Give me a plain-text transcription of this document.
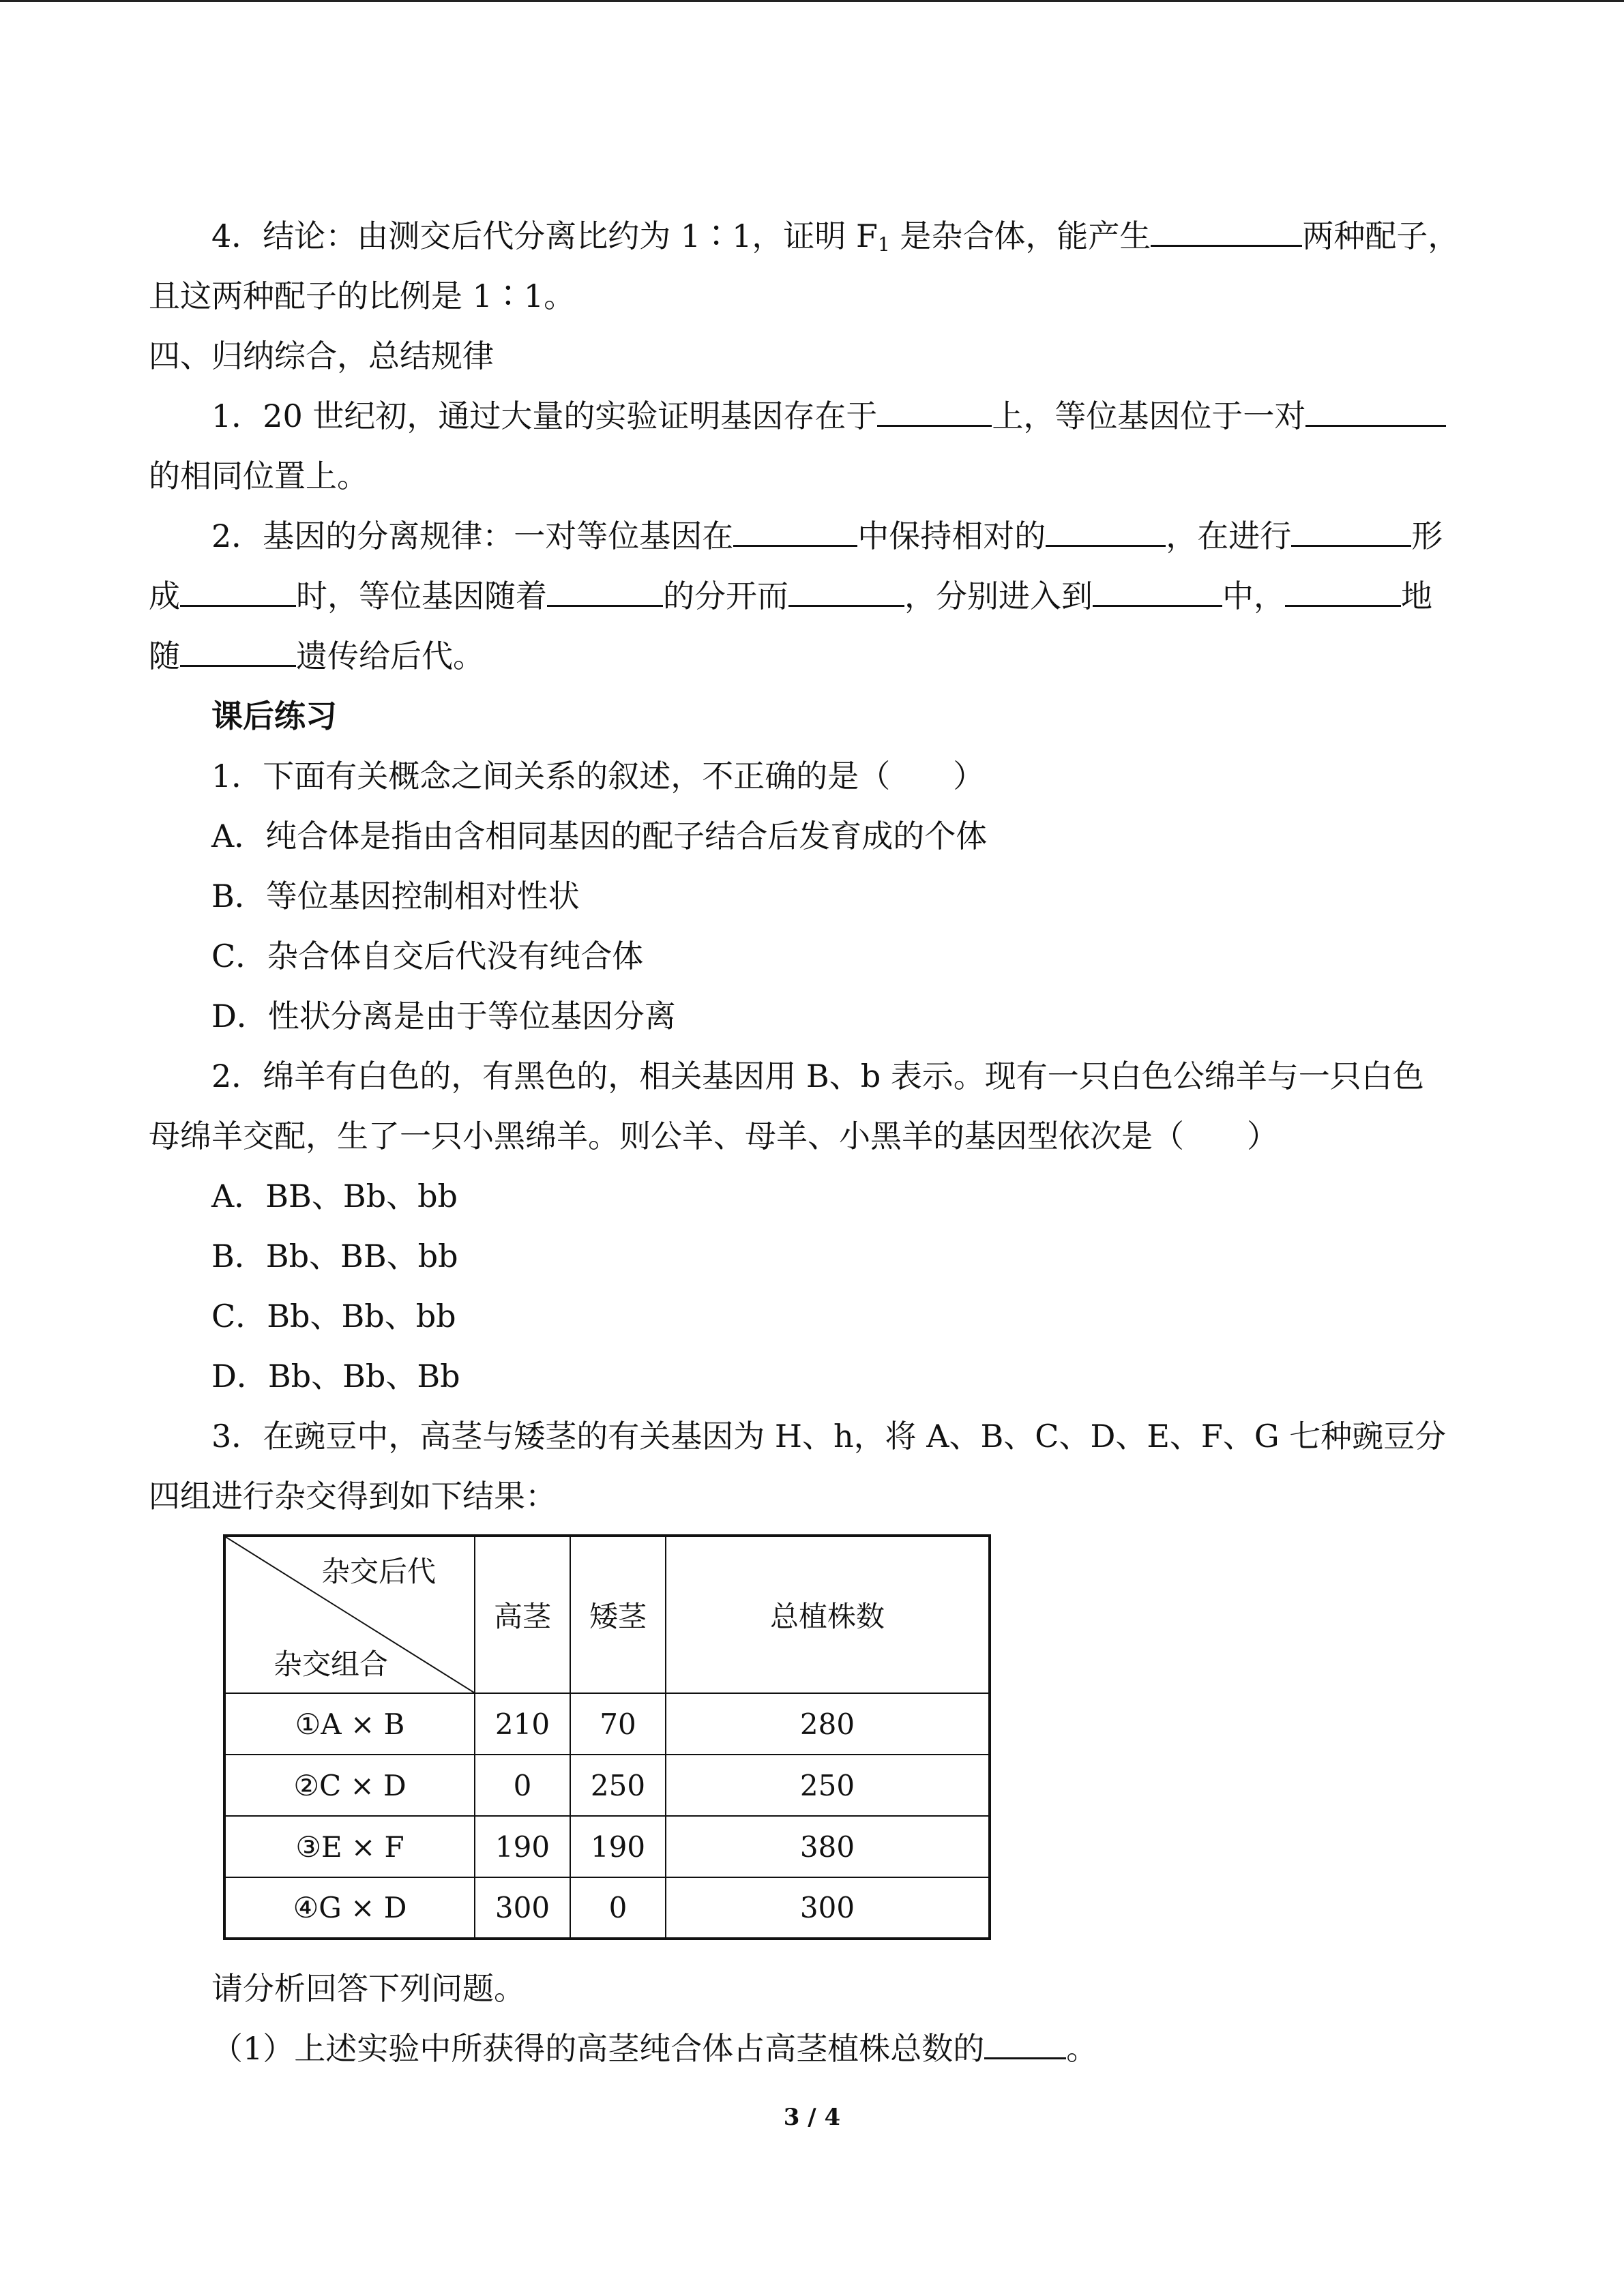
4．结论：由测交后代分离比约为 1∶1，证明 $F_1$ 是杂合体，能产生	两种配子，
且这两种配子的比例是 1∶1。
四、归纳综合，总结规律
1．20 世纪初，通过大量的实验证明基因存在于	上，等位基因位于一对
的相同位置上。
2．基因的分离规律：一对等位基因在	中保持相对的	，在进行	形
成	时，等位基因随着	的分开而	，分别进入到	中，	地
随	遗传给后代。
课后练习
1．下面有关概念之间关系的叙述，不正确的是（　　）
A．纯合体是指由含相同基因的配子结合后发育成的个体
B．等位基因控制相对性状
C．杂合体自交后代没有纯合体
D．性状分离是由于等位基因分离
2．绵羊有白色的，有黑色的，相关基因用 B、b 表示。现有一只白色公绵羊与一只白色
母绵羊交配，生了一只小黑绵羊。则公羊、母羊、小黑羊的基因型依次是（　　）
A．BB、Bb、bb
B．Bb、BB、bb
C．Bb、Bb、bb
D．Bb、Bb、Bb
3．在豌豆中，高茎与矮茎的有关基因为 H、h，将 A、B、C、D、E、F、G 七种豌豆分
四组进行杂交得到如下结果：
杂交后代
杂交组合	高茎	矮茎	总植株数
①A × B	210	70	280
②C × D	0	250	250
③E × F	190	190	380
④G × D	300	0	300
请分析回答下列问题。
（1）上述实验中所获得的高茎纯合体占高茎植株总数的	。
3 / 4
